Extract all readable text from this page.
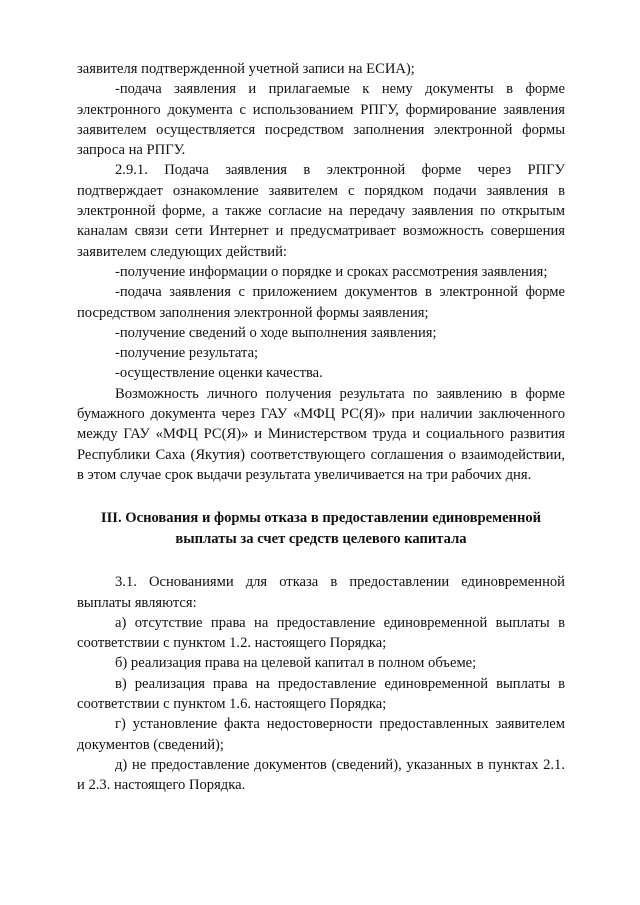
заявителя подтвержденной учетной записи на ЕСИА);

-подача заявления и прилагаемые к нему документы в форме электронного документа с использованием РПГУ, формирование заявления заявителем осуществляется посредством заполнения электронной формы запроса на РПГУ.

2.9.1. Подача заявления в электронной форме через РПГУ подтверждает ознакомление заявителем с порядком подачи заявления в электронной форме, а также согласие на передачу заявления по открытым каналам связи сети Интернет и предусматривает возможность совершения заявителем следующих действий:

-получение информации о порядке и сроках рассмотрения заявления;

-подача заявления с приложением документов в электронной форме посредством заполнения электронной формы заявления;

-получение сведений о ходе выполнения заявления;

-получение результата;

-осуществление оценки качества.

Возможность личного получения результата по заявлению в форме бумажного документа через ГАУ «МФЦ РС(Я)» при наличии заключенного между ГАУ «МФЦ РС(Я)» и Министерством труда и социального развития Республики Саха (Якутия) соответствующего соглашения о взаимодействии, в этом случае срок выдачи результата увеличивается на три рабочих дня.

III. Основания и формы отказа в предоставлении единовременной
выплаты за счет средств целевого капитала

3.1. Основаниями для отказа в предоставлении единовременной выплаты являются:

а) отсутствие права на предоставление единовременной выплаты в соответствии с пунктом 1.2. настоящего Порядка;

б) реализация права на целевой капитал в полном объеме;

в) реализация права на предоставление единовременной выплаты в соответствии с пунктом 1.6. настоящего Порядка;

г) установление факта недостоверности предоставленных заявителем документов (сведений);

д) не предоставление документов (сведений), указанных в пунктах 2.1. и 2.3. настоящего Порядка.
